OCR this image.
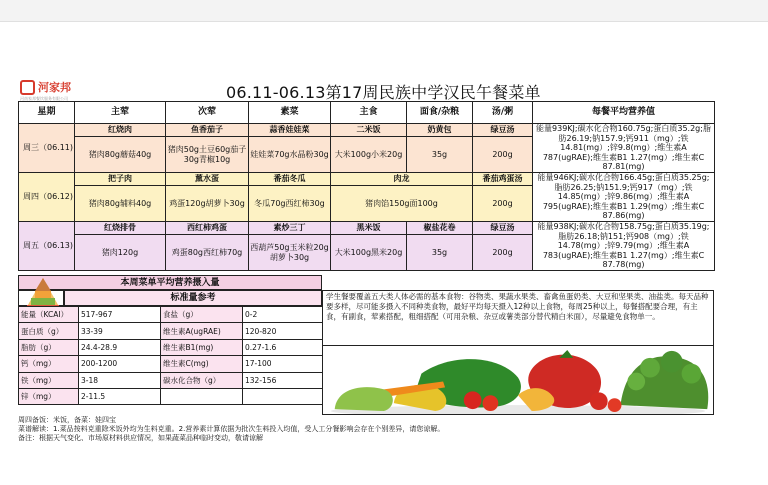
河家邦
河南家邦餐饮服务有限公司	06.11-06.13第17周民族中学汉民午餐菜单
星期	主荤	次荤	素菜	主食	面食/杂粮	汤/粥	每餐平均营养值
周三（06.11)	红烧肉	鱼香茄子	蒜香娃娃菜	二米饭	奶黄包	绿豆汤	能量939KJ;碳水化合物160.75g;蛋白质35.2g;脂肪26.19;钠157.9;钙911（mg）;铁 14.81(mg）;锌9.8(mg）;维生素A 787(ugRAE);维生素B1 1.27(mg）;维生素C 87.81(mg)
	猪肉80g蘑菇40g	猪肉50g土豆60g茄子30g青椒10g	娃娃菜70g水晶粉30g	大米100g小米20g	35g	200g	
周四（06.12)	把子肉	薰水蛋	番茄冬瓜	肉龙		番茄鸡蛋汤	能量946KJ;碳水化合物166.45g;蛋白质35.25g;脂肪26.25;钠151.9;钙917（mg）;铁 14.85(mg）;锌9.86(mg）;维生素A 795(ugRAE);维生素B1 1.29(mg）;维生素C 87.86(mg)
	猪肉80g辅料40g	鸡蛋120g胡萝卜30g	冬瓜70g西红柿30g	猪肉馅150g面100g		200g	
周五（06.13)	红烧排骨	西红柿鸡蛋	素炒三丁	黑米饭	椒盐花卷	绿豆汤	能量938KJ;碳水化合物158.75g;蛋白质35.19g;脂肪26.18;钠151;钙908（mg）;铁 14.78(mg）;锌9.79(mg）;维生素A 783(ugRAE);维生素B1 1.27(mg）;维生素C 87.78(mg)
	猪肉120g	鸡蛋80g西红柿70g	西葫芦50g玉米粒20g胡萝卜30g	大米100g黑米20g	35g	200g	
本周菜单平均营养摄入量
标准量参考
能量（KCAI）	517-967	食盐（g）	0-2
蛋白质（g）	33-39	维生素A(ugRAE)	120-820
脂肪（g）	24.4-28.9	维生素B1(mg)	0.27-1.6
钙（mg）	200-1200	维生素C(mg)	17-100
铁（mg）	3-18	碳水化合物（g）	132-156
锌（mg）	2-11.5		
学生餐要覆盖五大类人体必需的基本食物：谷物类、果蔬水果类、畜禽鱼蛋奶类、大豆和坚果类、油盐类。每天品种要多样，尽可能多摄入不同种类食物，最好平均每天摄入12种以上食物，每周25种以上，每餐搭配要合理，有主食，有副食，荤素搭配，粗细搭配（可用杂粮、杂豆或薯类部分替代精白米面），尽量避免食物单一。
周四备饭：米饭，备菜：娃四宝
菜谱解读：1.菜品按料克重除米饭外均为生料克重。2.营养素计算依据为批次生料投入均值，受人工分餐影响会存在个别差异，请您谅解。
备注：根据天气变化、市场原材料供应情况，如果蔬菜品种临时变动，敬请谅解
